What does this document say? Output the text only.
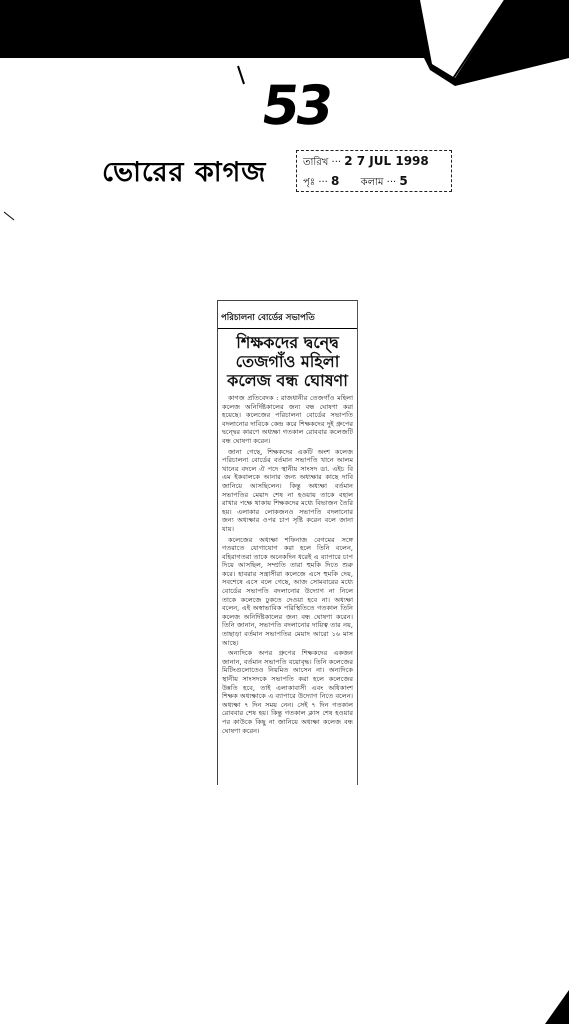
53
ভোরের কাগজ	তারিখ ··· 2 7 JUL 1998
পৃঃ ··· 8 কলাম ··· 5
পরিচালনা বোর্ডের সভাপতি
শিক্ষকদের দ্বন্দ্বে
তেজগাঁও মহিলা
কলেজ বন্ধ ঘোষণা

কাগজ প্রতিবেদক : রাজধানীর তেজগাঁও মহিলা কলেজ অনির্দিষ্টকালের জন্য বন্ধ ঘোষণা করা হয়েছে। কলেজের পরিচালনা বোর্ডের সভাপতি বদলানোর দাবিকে কেন্দ্র করে শিক্ষকদের দুই গ্রুপের দ্বন্দ্বের কারণে অধ্যক্ষা গতকাল রোববার কলেজটি বন্ধ ঘোষণা করেন।

জানা গেছে, শিক্ষকদের একটি অংশ কলেজ পরিচালনা বোর্ডের বর্তমান সভাপতি খানে আলম খানের বদলে ঐ পদে স্থানীয় সাংসদ ডা. এইচ বি এম ইকবালকে আনার জন্য অধ্যক্ষার কাছে দাবি জানিয়ে আসছিলেন। কিন্তু অধ্যক্ষা বর্তমান সভাপতির মেয়াদ শেষ না হওয়ায় তাকে বহাল রাখার পক্ষে থাকায় শিক্ষকদের মধ্যে বিভাজন তৈরি হয়। এলাকার লোকজনও সভাপতি বদলানোর জন্য অধ্যক্ষার ওপর চাপ সৃষ্টি করেন বলে জানা যায়।

কলেজের অধ্যক্ষা শফিনাজ বেগমের সঙ্গে গতরাতে যোগাযোগ করা হলে তিনি বলেন, বহিরাগতরা তাকে অনেকদিন ধরেই এ ব্যাপারে চাপ দিয়ে আসছিল, সম্প্রতি তারা হুমকি দিতে শুরু করে। হাবরার সন্ত্রাসীরা কলেজে এসে হুমকি দেয়, সবশেষে এসে বলে গেছে, আজ সোমবারের মধ্যে বোর্ডের সভাপতি বদলানোর উদ্যোগ না নিলে তাকে কলেজে ঢুকতে দেওয়া হবে না। অধ্যক্ষা বলেন, এই অস্বাভাবিক পরিস্থিতিতে গতকাল তিনি কলেজ অনির্দিষ্টকালের জন্য বন্ধ ঘোষণা করেন। তিনি জানান, সভাপতি বদলানোর দায়িত্ব তার নয়, তাছাড়া বর্তমান সভাপতির মেয়াদ আরো ১৬ মাস আছে।

অন্যদিকে অপর গ্রুপের শিক্ষকদের একজন জানান, বর্তমান সভাপতি বয়োবৃদ্ধ। তিনি কলেজের মিটিংগুলোতেও নিয়মিত আসেন না। অন্যদিকে স্থানীয় সাংসদকে সভাপতি করা হলে কলেজের উন্নতি হবে, তাই এলাকাবাসী এবং অধিকাংশ শিক্ষক অধ্যক্ষাকে এ ব্যাপারে উদ্যোগ নিতে বলেন। অধ্যক্ষা ৭ দিন সময় নেন। সেই ৭ দিন গতকাল রোববার শেষ হয়। কিন্তু গতকাল ক্লাস শেষ হওয়ার পর কাউকে কিছু না জানিয়ে অধ্যক্ষা কলেজ বন্ধ ঘোষণা করেন।
